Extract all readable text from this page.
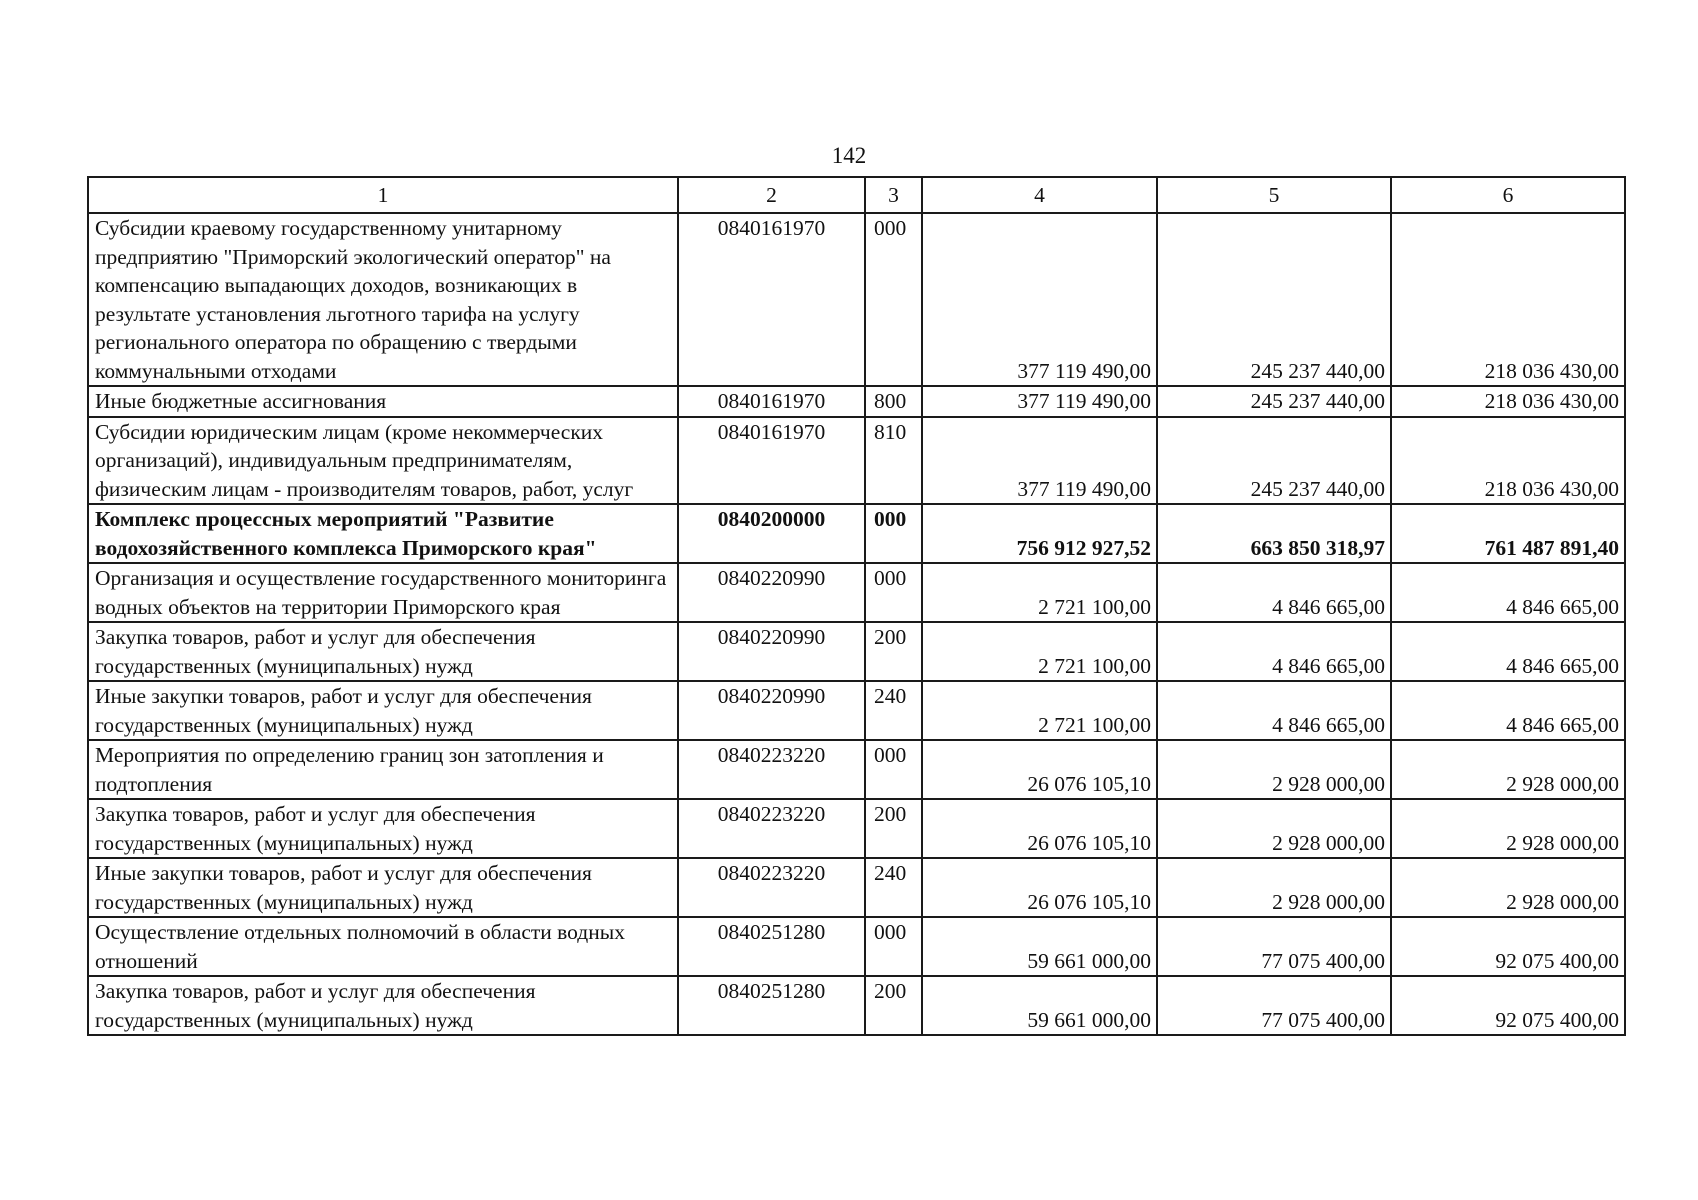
142
1	2	3	4	5	6
Субсидии краевому государственному унитарному предприятию "Приморский экологический оператор" на компенсацию выпадающих доходов, возникающих в результате установления льготного тарифа на услугу регионального оператора по обращению с твердыми коммунальными отходами	0840161970	000	377 119 490,00	245 237 440,00	218 036 430,00
Иные бюджетные ассигнования	0840161970	800	377 119 490,00	245 237 440,00	218 036 430,00
Субсидии юридическим лицам (кроме некоммерческих организаций), индивидуальным предпринимателям, физическим лицам - производителям товаров, работ, услуг	0840161970	810	377 119 490,00	245 237 440,00	218 036 430,00
Комплекс процессных мероприятий "Развитие водохозяйственного комплекса Приморского края"	0840200000	000	756 912 927,52	663 850 318,97	761 487 891,40
Организация и осуществление государственного мониторинга водных объектов на территории Приморского края	0840220990	000	2 721 100,00	4 846 665,00	4 846 665,00
Закупка товаров, работ и услуг для обеспечения государственных (муниципальных) нужд	0840220990	200	2 721 100,00	4 846 665,00	4 846 665,00
Иные закупки товаров, работ и услуг для обеспечения государственных (муниципальных) нужд	0840220990	240	2 721 100,00	4 846 665,00	4 846 665,00
Мероприятия по определению границ зон затопления и подтопления	0840223220	000	26 076 105,10	2 928 000,00	2 928 000,00
Закупка товаров, работ и услуг для обеспечения государственных (муниципальных) нужд	0840223220	200	26 076 105,10	2 928 000,00	2 928 000,00
Иные закупки товаров, работ и услуг для обеспечения государственных (муниципальных) нужд	0840223220	240	26 076 105,10	2 928 000,00	2 928 000,00
Осуществление отдельных полномочий в области водных отношений	0840251280	000	59 661 000,00	77 075 400,00	92 075 400,00
Закупка товаров, работ и услуг для обеспечения государственных (муниципальных) нужд	0840251280	200	59 661 000,00	77 075 400,00	92 075 400,00
